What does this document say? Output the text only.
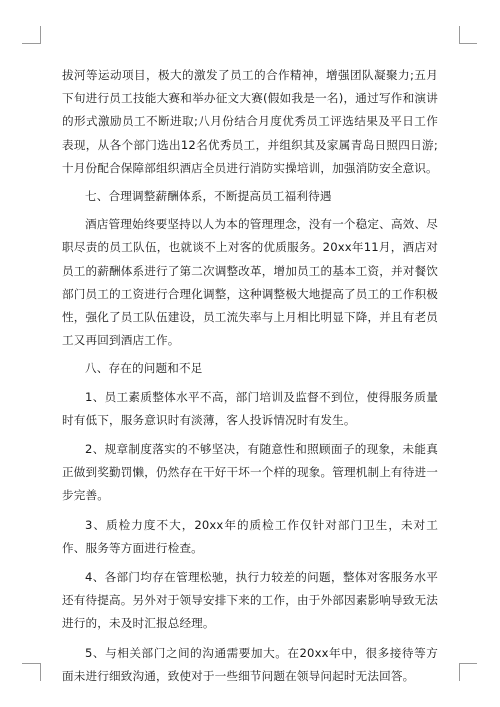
拔河等运动项目，极大的激发了员工的合作精神，增强团队凝聚力;五月下旬进行员工技能大赛和举办征文大赛(假如我是一名)，通过写作和演讲的形式激励员工不断进取;八月份结合月度优秀员工评选结果及平日工作表现，从各个部门选出12名优秀员工，并组织其及家属青岛日照四日游;十月份配合保障部组织酒店全员进行消防实操培训，加强消防安全意识。

七、合理调整薪酬体系，不断提高员工福利待遇

酒店管理始终要坚持以人为本的管理理念，没有一个稳定、高效、尽职尽责的员工队伍，也就谈不上对客的优质服务。20xx年11月，酒店对员工的薪酬体系进行了第二次调整改革，增加员工的基本工资，并对餐饮部门员工的工资进行合理化调整，这种调整极大地提高了员工的工作积极性，强化了员工队伍建设，员工流失率与上月相比明显下降，并且有老员工又再回到酒店工作。

八、存在的问题和不足

1、员工素质整体水平不高，部门培训及监督不到位，使得服务质量时有低下，服务意识时有淡薄，客人投诉情况时有发生。

2、规章制度落实的不够坚决，有随意性和照顾面子的现象，未能真正做到奖勤罚懒，仍然存在干好干坏一个样的现象。管理机制上有待进一步完善。

3、质检力度不大，20xx年的质检工作仅针对部门卫生，未对工作、服务等方面进行检查。

4、各部门均存在管理松驰，执行力较差的问题，整体对客服务水平还有待提高。另外对于领导安排下来的工作，由于外部因素影响导致无法进行的，未及时汇报总经理。

5、与相关部门之间的沟通需要加大。在20xx年中，很多接待等方面未进行细致沟通，致使对于一些细节问题在领导问起时无法回答。
